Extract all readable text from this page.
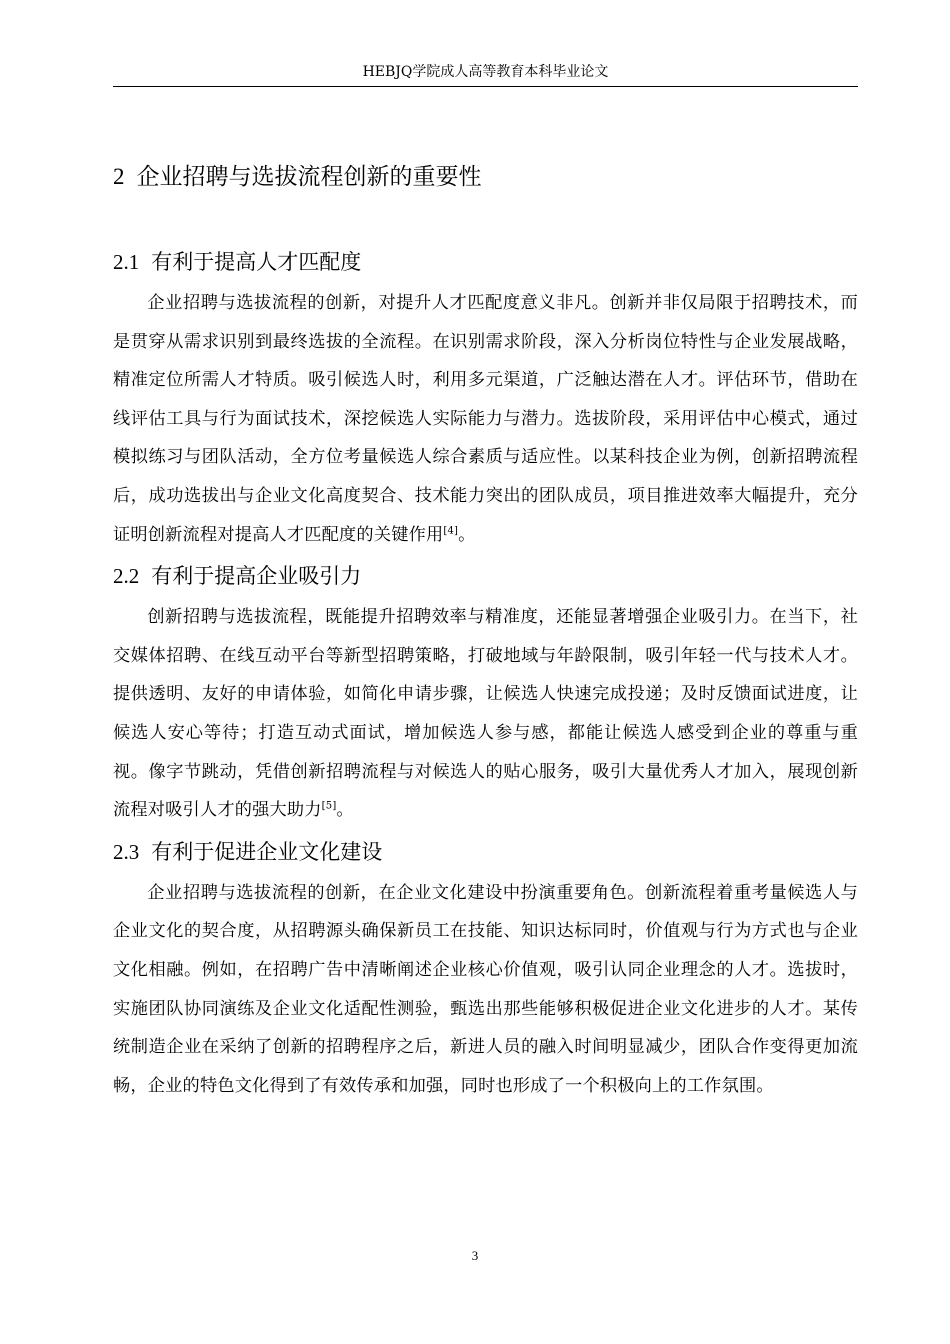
HEBJQ学院成人高等教育本科毕业论文
2 企业招聘与选拔流程创新的重要性
2.1 有利于提高人才匹配度

企业招聘与选拔流程的创新，对提升人才匹配度意义非凡。创新并非仅局限于招聘技术，而是贯穿从需求识别到最终选拔的全流程。在识别需求阶段，深入分析岗位特性与企业发展战略，精准定位所需人才特质。吸引候选人时，利用多元渠道，广泛触达潜在人才。评估环节，借助在线评估工具与行为面试技术，深挖候选人实际能力与潜力。选拔阶段，采用评估中心模式，通过模拟练习与团队活动，全方位考量候选人综合素质与适应性。以某科技企业为例，创新招聘流程后，成功选拔出与企业文化高度契合、技术能力突出的团队成员，项目推进效率大幅提升，充分证明创新流程对提高人才匹配度的关键作用[4]。

2.2 有利于提高企业吸引力

创新招聘与选拔流程，既能提升招聘效率与精准度，还能显著增强企业吸引力。在当下，社交媒体招聘、在线互动平台等新型招聘策略，打破地域与年龄限制，吸引年轻一代与技术人才。提供透明、友好的申请体验，如简化申请步骤，让候选人快速完成投递；及时反馈面试进度，让候选人安心等待；打造互动式面试，增加候选人参与感，都能让候选人感受到企业的尊重与重视。像字节跳动，凭借创新招聘流程与对候选人的贴心服务，吸引大量优秀人才加入，展现创新流程对吸引人才的强大助力[5]。

2.3 有利于促进企业文化建设

企业招聘与选拔流程的创新，在企业文化建设中扮演重要角色。创新流程着重考量候选人与企业文化的契合度，从招聘源头确保新员工在技能、知识达标同时，价值观与行为方式也与企业文化相融。例如，在招聘广告中清晰阐述企业核心价值观，吸引认同企业理念的人才。选拔时，实施团队协同演练及企业文化适配性测验，甄选出那些能够积极促进企业文化进步的人才。某传统制造企业在采纳了创新的招聘程序之后，新进人员的融入时间明显减少，团队合作变得更加流畅，企业的特色文化得到了有效传承和加强，同时也形成了一个积极向上的工作氛围。

3
